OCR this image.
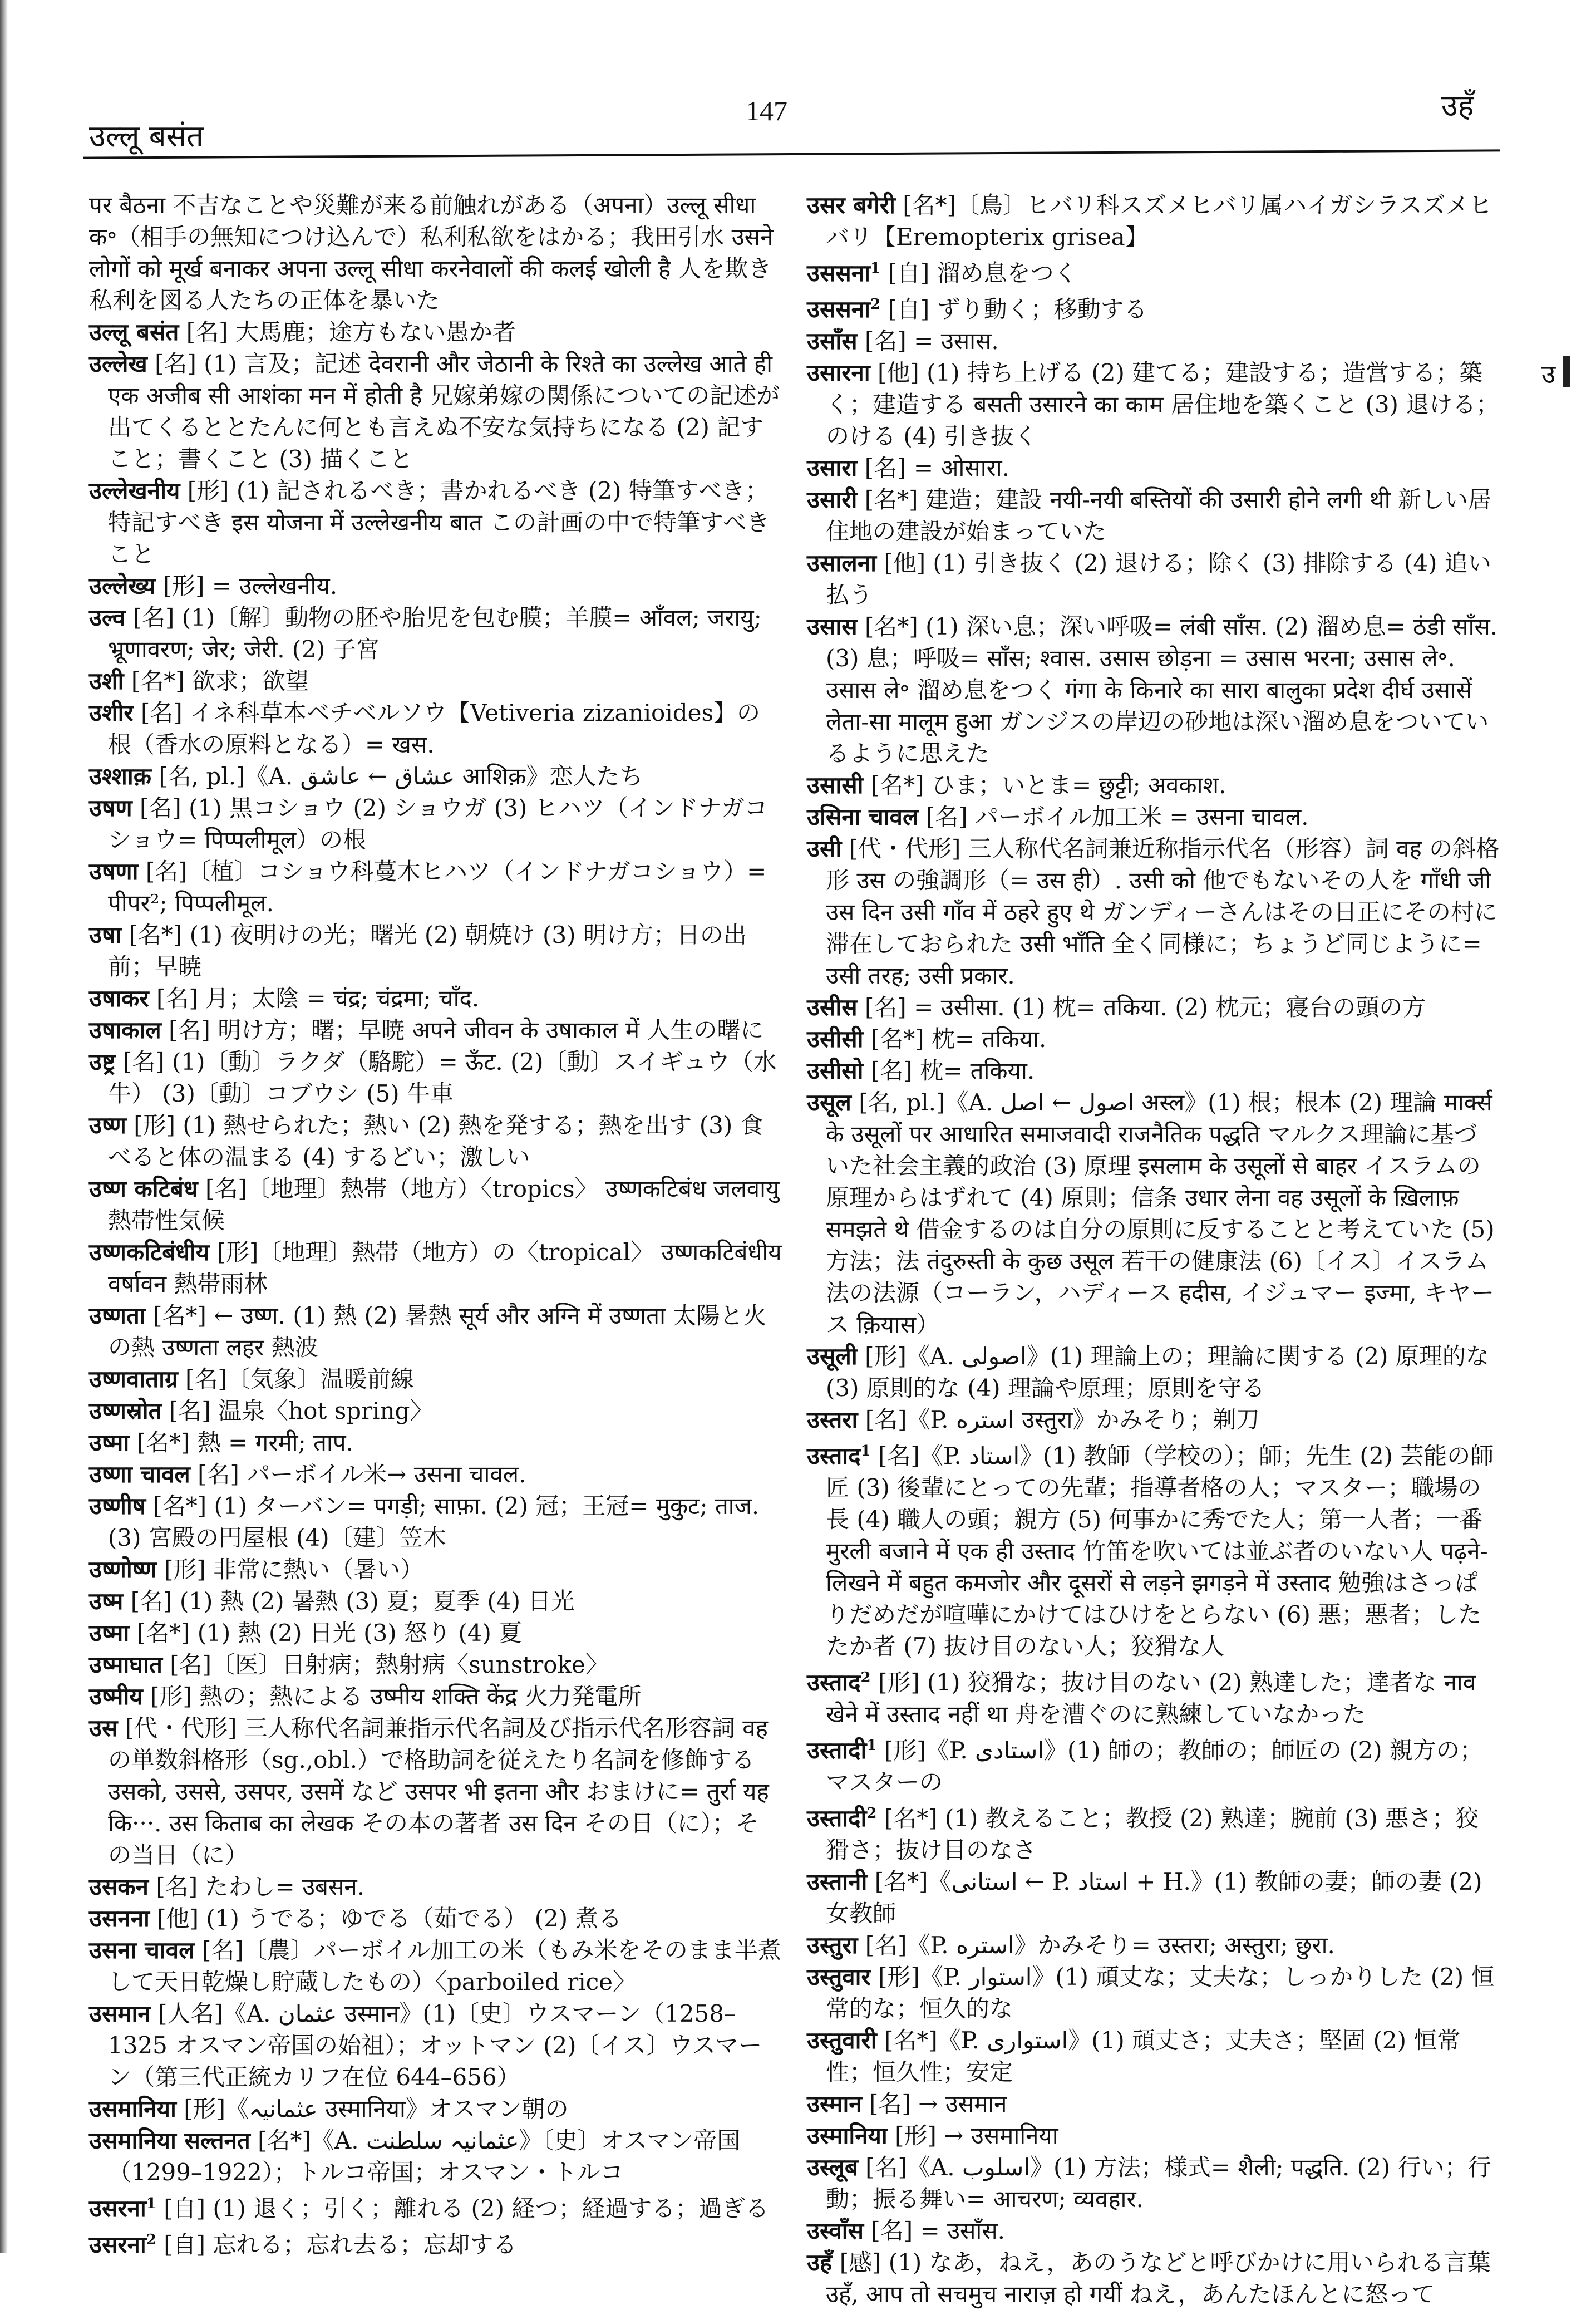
उल्लू बसंत
147	उहँ

पर बैठना 不吉なことや災難が来る前触れがある（अपना）उल्लू सीधा क॰（相手の無知につけ込んで）私利私欲をはかる；我田引水 उसने लोगों को मूर्ख बनाकर अपना उल्लू सीधा करनेवालों की कलई खोली है 人を欺き私利を図る人たちの正体を暴いた

उल्लू बसंत [名] 大馬鹿；途方もない愚か者

उल्लेख [名] (1) 言及；記述 देवरानी और जेठानी के रिश्ते का उल्लेख आते ही एक अजीब सी आशंका मन में होती है 兄嫁弟嫁の関係についての記述が出てくるととたんに何とも言えぬ不安な気持ちになる (2) 記すこと；書くこと (3) 描くこと

उल्लेखनीय [形] (1) 記されるべき；書かれるべき (2) 特筆すべき；特記すべき इस योजना में उल्लेखनीय बात この計画の中で特筆すべきこと

उल्लेख्य [形] = उल्लेखनीय.

उल्व [名] (1)〔解〕動物の胚や胎児を包む膜；羊膜= आँवल; जरायु; भ्रूणावरण; जेर; जेरी. (2) 子宮

उशी [名*] 欲求；欲望

उशीर [名] イネ科草本ベチベルソウ【Vetiveria zizanioides】の根（香水の原料となる）= खस.

उश्शाक़ [名, pl.]《A. عشاق ← عاشق आशिक़》恋人たち

उषण [名] (1) 黒コショウ (2) ショウガ (3) ヒハツ（インドナガコショウ= पिप्पलीमूल）の根

उषणा [名]〔植〕コショウ科蔓木ヒハツ（インドナガコショウ）= पीपर²; पिप्पलीमूल.

उषा [名*] (1) 夜明けの光；曙光 (2) 朝焼け (3) 明け方；日の出前；早暁

उषाकर [名] 月；太陰 = चंद्र; चंद्रमा; चाँद.

उषाकाल [名] 明け方；曙；早暁 अपने जीवन के उषाकाल में 人生の曙に

उष्ट्र [名] (1)〔動〕ラクダ（駱駝）= ऊँट. (2)〔動〕スイギュウ（水牛） (3)〔動〕コブウシ (5) 牛車

उष्ण [形] (1) 熱せられた；熱い (2) 熱を発する；熱を出す (3) 食べると体の温まる (4) するどい；激しい

उष्ण कटिबंध [名]〔地理〕熱帯（地方）〈tropics〉 उष्णकटिबंध जलवायु 熱帯性気候

उष्णकटिबंधीय [形]〔地理〕熱帯（地方）の〈tropical〉 उष्णकटिबंधीय वर्षावन 熱帯雨林

उष्णता [名*] ← उष्ण. (1) 熱 (2) 暑熱 सूर्य और अग्नि में उष्णता 太陽と火の熱 उष्णता लहर 熱波

उष्णवाताग्र [名]〔気象〕温暖前線

उष्णस्रोत [名] 温泉〈hot spring〉

उष्मा [名*] 熱 = गरमी; ताप.

उष्णा चावल [名] パーボイル米→ उसना चावल.

उष्णीष [名*] (1) ターバン= पगड़ी; साफ़ा. (2) 冠；王冠= मुकुट; ताज. (3) 宮殿の円屋根 (4)〔建〕笠木

उष्णोष्ण [形] 非常に熱い（暑い）

उष्म [名] (1) 熱 (2) 暑熱 (3) 夏；夏季 (4) 日光

उष्मा [名*] (1) 熱 (2) 日光 (3) 怒り (4) 夏

उष्माघात [名]〔医〕日射病；熱射病〈sunstroke〉

उष्मीय [形] 熱の；熱による उष्मीय शक्ति केंद्र 火力発電所

उस [代・代形] 三人称代名詞兼指示代名詞及び指示代名形容詞 वह の単数斜格形（sg.,obl.）で格助詞を従えたり名詞を修飾する उसको, उससे, उसपर, उसमें など उसपर भी इतना और おまけに= तुर्रा यह कि···. उस किताब का लेखक その本の著者 उस दिन その日（に）；その当日（に）

उसकन [名] たわし= उबसन.

उसनना [他] (1) うでる；ゆでる（茹でる） (2) 煮る

उसना चावल [名]〔農〕パーボイル加工の米（もみ米をそのまま半煮して天日乾燥し貯蔵したもの）〈parboiled rice〉

उसमान [人名]《A. عثمان उस्मान》(1)〔史〕ウスマーン（1258–1325 オスマン帝国の始祖）；オットマン (2)〔イス〕ウスマーン（第三代正統カリフ在位 644–656）

उसमानिया [形]《عثمانیہ उस्मानिया》オスマン朝の

उसमानिया सल्तनत [名*]《A. عثمانیہ سلطنت》〔史〕オスマン帝国（1299–1922）；トルコ帝国；オスマン・トルコ

उसरना$^1$ [自] (1) 退く；引く；離れる (2) 経つ；経過する；過ぎる

उसरना$^2$ [自] 忘れる；忘れ去る；忘却する

उसर बगेरी [名*]〔鳥〕ヒバリ科スズメヒバリ属ハイガシラスズメヒバリ【Eremopterix grisea】

उससना$^1$ [自] 溜め息をつく

उससना$^2$ [自] ずり動く；移動する

उसाँस [名] = उसास.

उसारना [他] (1) 持ち上げる (2) 建てる；建設する；造営する；築く；建造する बसती उसारने का काम 居住地を築くこと (3) 退ける；のける (4) 引き抜く

उसारा [名] = ओसारा.

उसारी [名*] 建造；建設 नयी-नयी बस्तियों की उसारी होने लगी थी 新しい居住地の建設が始まっていた

उसालना [他] (1) 引き抜く (2) 退ける；除く (3) 排除する (4) 追い払う

उसास [名*] (1) 深い息；深い呼吸= लंबी साँस. (2) 溜め息= ठंडी साँस. (3) 息；呼吸= साँस; श्वास. उसास छोड़ना = उसास भरना; उसास ले॰. उसास ले॰ 溜め息をつく गंगा के किनारे का सारा बालुका प्रदेश दीर्घ उसासें लेता-सा मालूम हुआ ガンジスの岸辺の砂地は深い溜め息をついているように思えた

उसासी [名*] ひま；いとま= छुट्टी; अवकाश.

उसिना चावल [名] パーボイル加工米 = उसना चावल.

उसी [代・代形] 三人称代名詞兼近称指示代名（形容）詞 वह の斜格形 उस の強調形（= उस ही）. उसी को 他でもないその人を गाँधी जी उस दिन उसी गाँव में ठहरे हुए थे ガンディーさんはその日正にその村に滞在しておられた उसी भाँति 全く同様に；ちょうど同じように= उसी तरह; उसी प्रकार.

उसीस [名] = उसीसा. (1) 枕= तकिया. (2) 枕元；寝台の頭の方

उसीसी [名*] 枕= तकिया.

उसीसो [名] 枕= तकिया.

उसूल [名, pl.]《A. اصول ← اصل अस्ल》(1) 根；根本 (2) 理論 मार्क्स के उसूलों पर आधारित समाजवादी राजनैतिक पद्धति マルクス理論に基づいた社会主義的政治 (3) 原理 इसलाम के उसूलों से बाहर イスラムの原理からはずれて (4) 原則；信条 उधार लेना वह उसूलों के ख़िलाफ़ समझते थे 借金するのは自分の原則に反することと考えていた (5) 方法；法 तंदुरुस्ती के कुछ उसूल 若干の健康法 (6)〔イス〕イスラム法の法源（コーラン，ハディース हदीस, イジュマー इज्मा, キヤース क़ियास）

उसूली [形]《A. اصولی》(1) 理論上の；理論に関する (2) 原理的な (3) 原則的な (4) 理論や原理；原則を守る

उस्तरा [名]《P. استره उस्तुरा》かみそり；剃刀

उस्ताद$^1$ [名]《P. استاد》(1) 教師（学校の）；師；先生 (2) 芸能の師匠 (3) 後輩にとっての先輩；指導者格の人；マスター；職場の長 (4) 職人の頭；親方 (5) 何事かに秀でた人；第一人者；一番 मुरली बजाने में एक ही उस्ताद 竹笛を吹いては並ぶ者のいない人 पढ़ने-लिखने में बहुत कमजोर और दूसरों से लड़ने झगड़ने में उस्ताद 勉強はさっぱりだめだが喧嘩にかけてはひけをとらない (6) 悪；悪者；したたか者 (7) 抜け目のない人；狡猾な人

उस्ताद$^2$ [形] (1) 狡猾な；抜け目のない (2) 熟達した；達者な नाव खेने में उस्ताद नहीं था 舟を漕ぐのに熟練していなかった

उस्तादी$^1$ [形]《P. استادی》(1) 師の；教師の；師匠の (2) 親方の；マスターの

उस्तादी$^2$ [名*] (1) 教えること；教授 (2) 熟達；腕前 (3) 悪さ；狡猾さ；抜け目のなさ

उस्तानी [名*]《استانی ← P. استاد + H.》(1) 教師の妻；師の妻 (2) 女教師

उस्तुरा [名]《P. استره》かみそり= उस्तरा; अस्तुरा; छुरा.

उस्तुवार [形]《P. استوار》(1) 頑丈な；丈夫な；しっかりした (2) 恒常的な；恒久的な

उस्तुवारी [名*]《P. استواری》(1) 頑丈さ；丈夫さ；堅固 (2) 恒常性；恒久性；安定

उस्मान [名] → उसमान

उस्मानिया [形] → उसमानिया

उस्लूब [名]《A. اسلوب》(1) 方法；様式= शैली; पद्धति. (2) 行い；行動；振る舞い= आचरण; व्यवहार.

उस्वाँस [名] = उसाँस.

उहँ [感] (1) なあ，ねえ，あのうなどと呼びかけに用いられる言葉 उहँ, आप तो सचमुच नाराज़ हो गयीं ねえ，あんたほんとに怒って

उ
